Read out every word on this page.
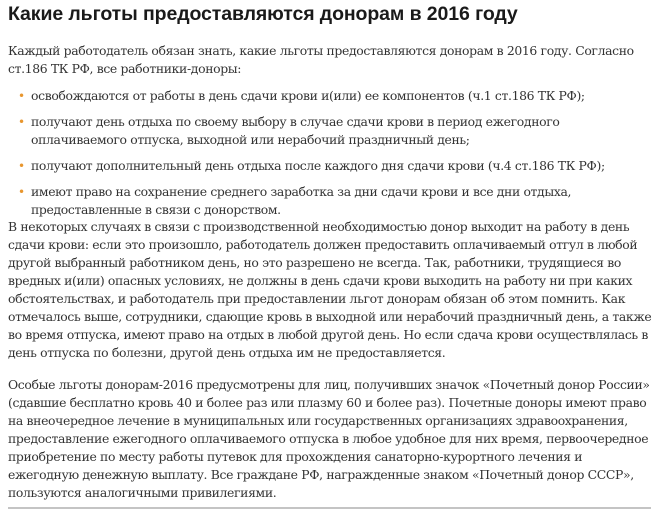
Какие льготы предоставляются донорам в 2016 году

Каждый работодатель обязан знать, какие льготы предоставляются донорам в 2016 году. Согласно ст.186 ТК РФ, все работники-доноры:

• освобождаются от работы в день сдачи крови и(или) ее компонентов (ч.1 ст.186 ТК РФ);
• получают день отдыха по своему выбору в случае сдачи крови в период ежегодного оплачиваемого отпуска, выходной или нерабочий праздничный день;
• получают дополнительный день отдыха после каждого дня сдачи крови (ч.4 ст.186 ТК РФ);
• имеют право на сохранение среднего заработка за дни сдачи крови и все дни отдыха, предоставленные в связи с донорством.

В некоторых случаях в связи с производственной необходимостью донор выходит на работу в день сдачи крови: если это произошло, работодатель должен предоставить оплачиваемый отгул в любой другой выбранный работником день, но это разрешено не всегда. Так, работники, трудящиеся во вредных и(или) опасных условиях, не должны в день сдачи крови выходить на работу ни при каких обстоятельствах, и работодатель при предоставлении льгот донорам обязан об этом помнить. Как отмечалось выше, сотрудники, сдающие кровь в выходной или нерабочий праздничный день, а также во время отпуска, имеют право на отдых в любой другой день. Но если сдача крови осуществлялась в день отпуска по болезни, другой день отдыха им не предоставляется.

Особые льготы донорам-2016 предусмотрены для лиц, получивших значок «Почетный донор России» (сдавшие бесплатно кровь 40 и более раз или плазму 60 и более раз). Почетные доноры имеют право на внеочередное лечение в муниципальных или государственных организациях здравоохранения, предоставление ежегодного оплачиваемого отпуска в любое удобное для них время, первоочередное приобретение по месту работы путевок для прохождения санаторно-курортного лечения и ежегодную денежную выплату. Все граждане РФ, награжденные знаком «Почетный донор СССР», пользуются аналогичными привилегиями.
